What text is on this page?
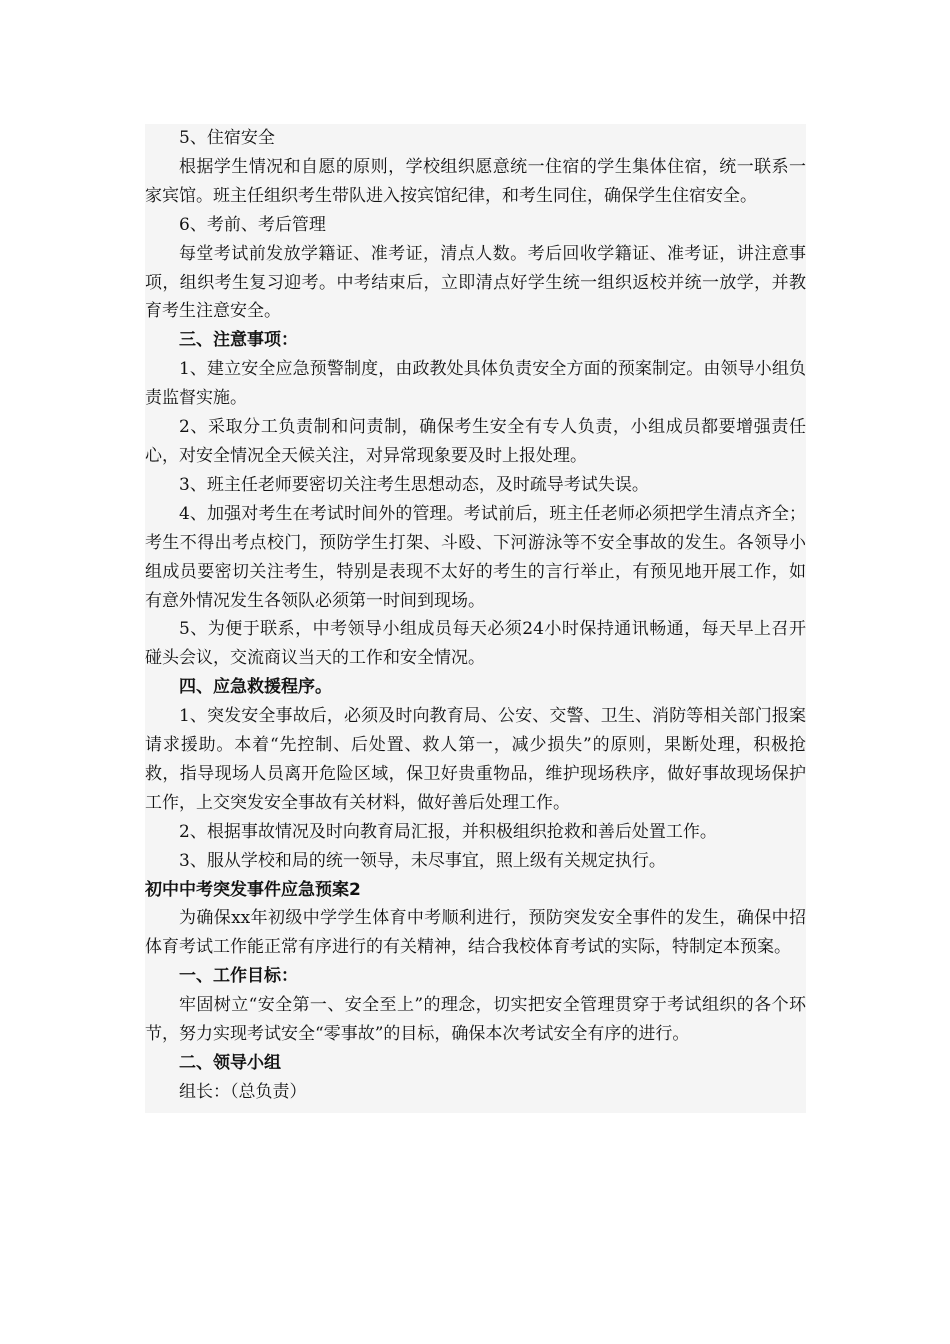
5、住宿安全

根据学生情况和自愿的原则，学校组织愿意统一住宿的学生集体住宿，统一联系一家宾馆。班主任组织考生带队进入按宾馆纪律，和考生同住，确保学生住宿安全。

6、考前、考后管理

每堂考试前发放学籍证、准考证，清点人数。考后回收学籍证、准考证，讲注意事项，组织考生复习迎考。中考结束后，立即清点好学生统一组织返校并统一放学，并教育考生注意安全。

三、注意事项：

1、建立安全应急预警制度，由政教处具体负责安全方面的预案制定。由领导小组负责监督实施。

2、采取分工负责制和问责制，确保考生安全有专人负责，小组成员都要增强责任心，对安全情况全天候关注，对异常现象要及时上报处理。

3、班主任老师要密切关注考生思想动态，及时疏导考试失误。

4、加强对考生在考试时间外的管理。考试前后，班主任老师必须把学生清点齐全；考生不得出考点校门，预防学生打架、斗殴、下河游泳等不安全事故的发生。各领导小组成员要密切关注考生，特别是表现不太好的考生的言行举止，有预见地开展工作，如有意外情况发生各领队必须第一时间到现场。

5、为便于联系，中考领导小组成员每天必须24小时保持通讯畅通，每天早上召开碰头会议，交流商议当天的工作和安全情况。

四、应急救援程序。

1、突发安全事故后，必须及时向教育局、公安、交警、卫生、消防等相关部门报案请求援助。本着“先控制、后处置、救人第一，减少损失”的原则，果断处理，积极抢救，指导现场人员离开危险区域，保卫好贵重物品，维护现场秩序，做好事故现场保护工作，上交突发安全事故有关材料，做好善后处理工作。

2、根据事故情况及时向教育局汇报，并积极组织抢救和善后处置工作。

3、服从学校和局的统一领导，未尽事宜，照上级有关规定执行。

初中中考突发事件应急预案2

为确保xx年初级中学学生体育中考顺利进行，预防突发安全事件的发生，确保中招体育考试工作能正常有序进行的有关精神，结合我校体育考试的实际，特制定本预案。

一、工作目标：

牢固树立“安全第一、安全至上”的理念，切实把安全管理贯穿于考试组织的各个环节，努力实现考试安全“零事故”的目标，确保本次考试安全有序的进行。

二、领导小组

组长：（总负责）
